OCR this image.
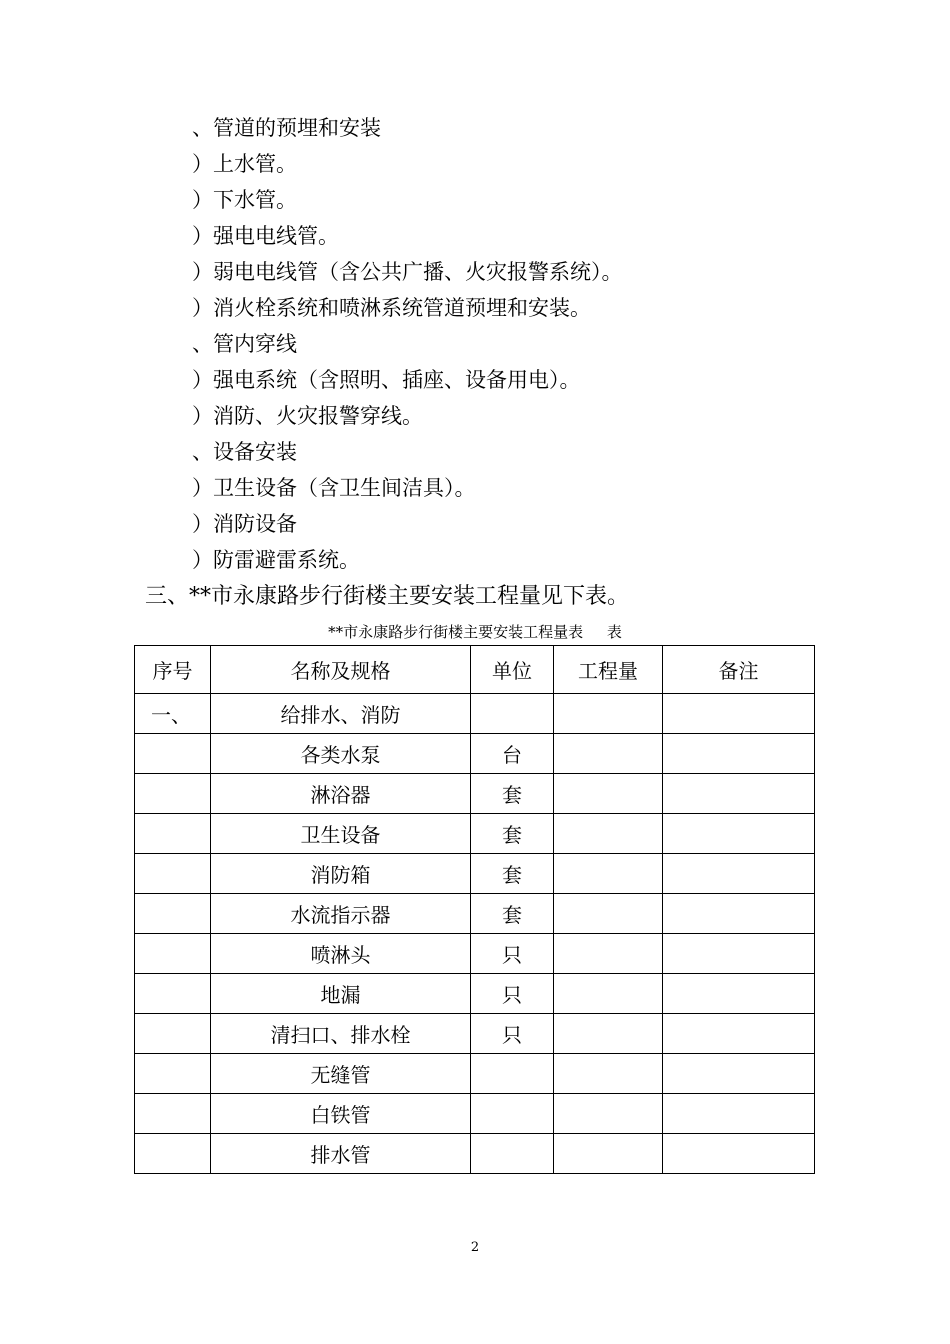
、管道的预埋和安装
）上水管。
）下水管。
）强电电线管。
）弱电电线管（含公共广播、火灾报警系统）。
）消火栓系统和喷淋系统管道预埋和安装。
、管内穿线
）强电系统（含照明、插座、设备用电）。
）消防、火灾报警穿线。
、设备安装
）卫生设备（含卫生间洁具）。
）消防设备
）防雷避雷系统。
三、**市永康路步行街楼主要安装工程量见下表。
**市永康路步行街楼主要安装工程量表     表
序号	名称及规格	单位	工程量	备注
一、	给排水、消防			
	各类水泵	台		
	淋浴器	套		
	卫生设备	套		
	消防箱	套		
	水流指示器	套		
	喷淋头	只		
	地漏	只		
	清扫口、排水栓	只		
	无缝管			
	白铁管			
	排水管			
2
